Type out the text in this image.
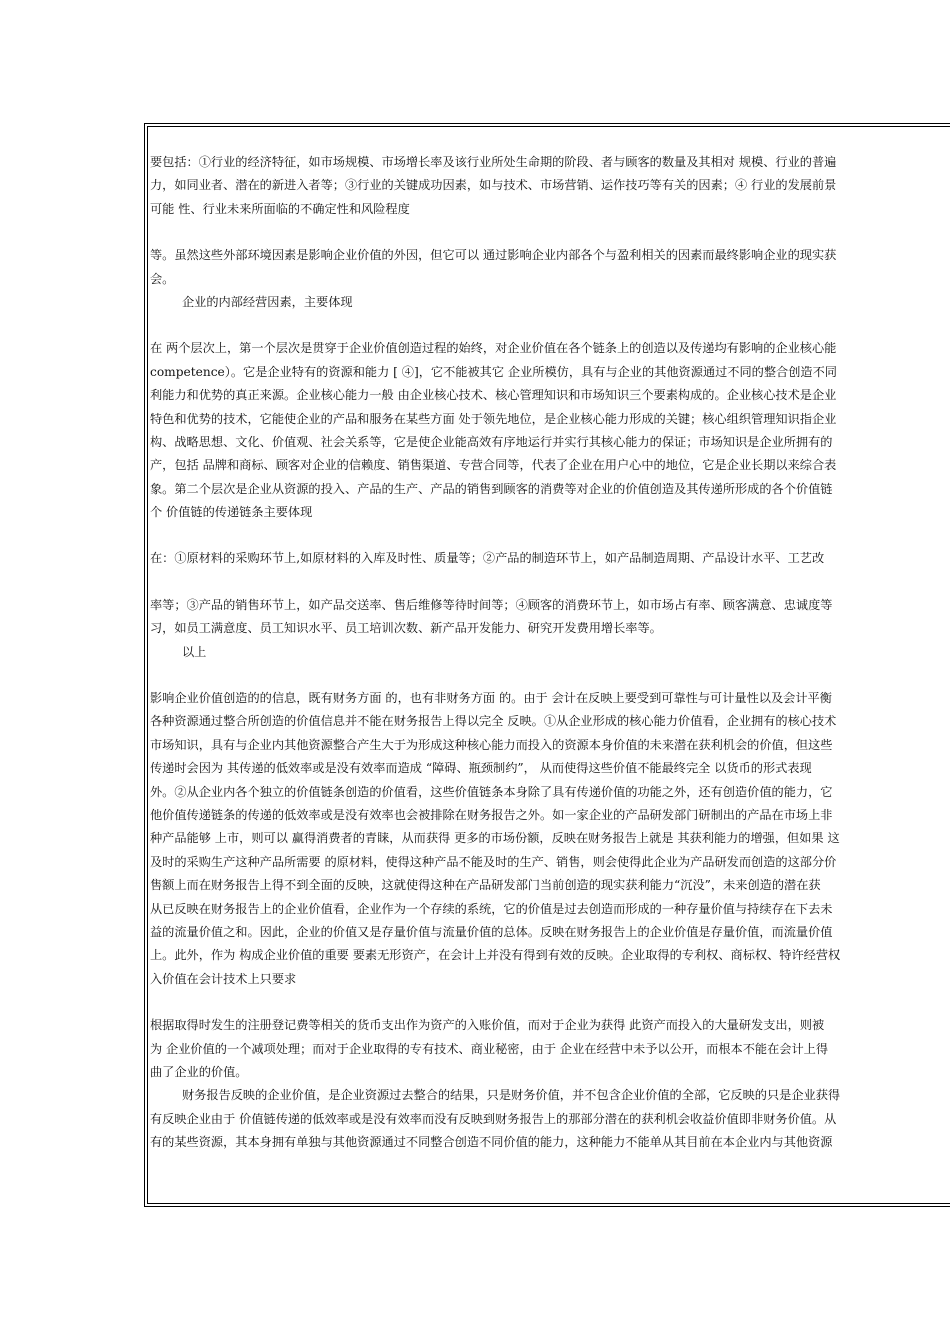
要包括：①行业的经济特征，如市场规模、市场增长率及该行业所处生命期的阶段、者与顾客的数量及其相对 规模、行业的普遍
力，如同业者、潜在的新进入者等；③行业的关键成功因素，如与技术、市场营销、运作技巧等有关的因素；④ 行业的发展前景
可能 性、行业未来所面临的不确定性和风险程度
等。虽然这些外部环境因素是影响企业价值的外因，但它可以 通过影响企业内部各个与盈利相关的因素而最终影响企业的现实获
会。
企业的内部经营因素，主要体现
在 两个层次上，第一个层次是贯穿于企业价值创造过程的始终，对企业价值在各个链条上的创造以及传递均有影响的企业核心能
competence）。它是企业特有的资源和能力 [ ④]，它不能被其它 企业所模仿，具有与企业的其他资源通过不同的整合创造不同
利能力和优势的真正来源。企业核心能力一般 由企业核心技术、核心管理知识和市场知识三个要素构成的。企业核心技术是企业
特色和优势的技术，它能使企业的产品和服务在某些方面 处于领先地位，是企业核心能力形成的关键；核心组织管理知识指企业
构、战略思想、文化、价值观、社会关系等，它是使企业能高效有序地运行并实行其核心能力的保证；市场知识是企业所拥有的
产，包括 品牌和商标、顾客对企业的信赖度、销售渠道、专营合同等，代表了企业在用户心中的地位，它是企业长期以来综合表
象。第二个层次是企业从资源的投入、产品的生产、产品的销售到顾客的消费等对企业的价值创造及其传递所形成的各个价值链
个 价值链的传递链条主要体现
在：①原材料的采购环节上,如原材料的入库及时性、质量等；②产品的制造环节上，如产品制造周期、产品设计水平、工艺改
率等；③产品的销售环节上，如产品交送率、售后维修等待时间等；④顾客的消费环节上，如市场占有率、顾客满意、忠诚度等
习，如员工满意度、员工知识水平、员工培训次数、新产品开发能力、研究开发费用增长率等。
以上
影响企业价值创造的的信息，既有财务方面 的，也有非财务方面 的。由于 会计在反映上要受到可靠性与可计量性以及会计平衡
各种资源通过整合所创造的价值信息并不能在财务报告上得以完全 反映。①从企业形成的核心能力价值看，企业拥有的核心技术
市场知识，具有与企业内其他资源整合产生大于为形成这种核心能力而投入的资源本身价值的未来潜在获利机会的价值，但这些
传递时会因为 其传递的低效率或是没有效率而造成 “障碍、瓶颈制约”， 从而使得这些价值不能最终完全 以货币的形式表现
外。②从企业内各个独立的价值链条创造的价值看，这些价值链条本身除了具有传递价值的功能之外，还有创造价值的能力，它
他价值传递链条的传递的低效率或是没有效率也会被排除在财务报告之外。如一家企业的产品研发部门研制出的产品在市场上非
种产品能够 上市，则可以 赢得消费者的青睐，从而获得 更多的市场份额，反映在财务报告上就是 其获利能力的增强，但如果 这
及时的采购生产这种产品所需要 的原材料，使得这种产品不能及时的生产、销售，则会使得此企业为产品研发而创造的这部分价
售额上而在财务报告上得不到全面的反映，这就使得这种在产品研发部门当前创造的现实获利能力“沉没”，未来创造的潜在获
从已反映在财务报告上的企业价值看，企业作为一个存续的系统，它的价值是过去创造而形成的一种存量价值与持续存在下去未
益的流量价值之和。因此，企业的价值又是存量价值与流量价值的总体。反映在财务报告上的企业价值是存量价值，而流量价值
上。此外，作为 构成企业价值的重要 要素无形资产，在会计上并没有得到有效的反映。企业取得的专利权、商标权、特许经营权
入价值在会计技术上只要求
根据取得时发生的注册登记费等相关的货币支出作为资产的入账价值，而对于企业为获得 此资产而投入的大量研发支出，则被
为 企业价值的一个减项处理；而对于企业取得的专有技术、商业秘密，由于 企业在经营中未予以公开，而根本不能在会计上得
曲了企业的价值。
财务报告反映的企业价值，是企业资源过去整合的结果，只是财务价值，并不包含企业价值的全部，它反映的只是企业获得
有反映企业由于 价值链传递的低效率或是没有效率而没有反映到财务报告上的那部分潜在的获利机会收益价值即非财务价值。从
有的某些资源，其本身拥有单独与其他资源通过不同整合创造不同价值的能力，这种能力不能单从其目前在本企业内与其他资源
